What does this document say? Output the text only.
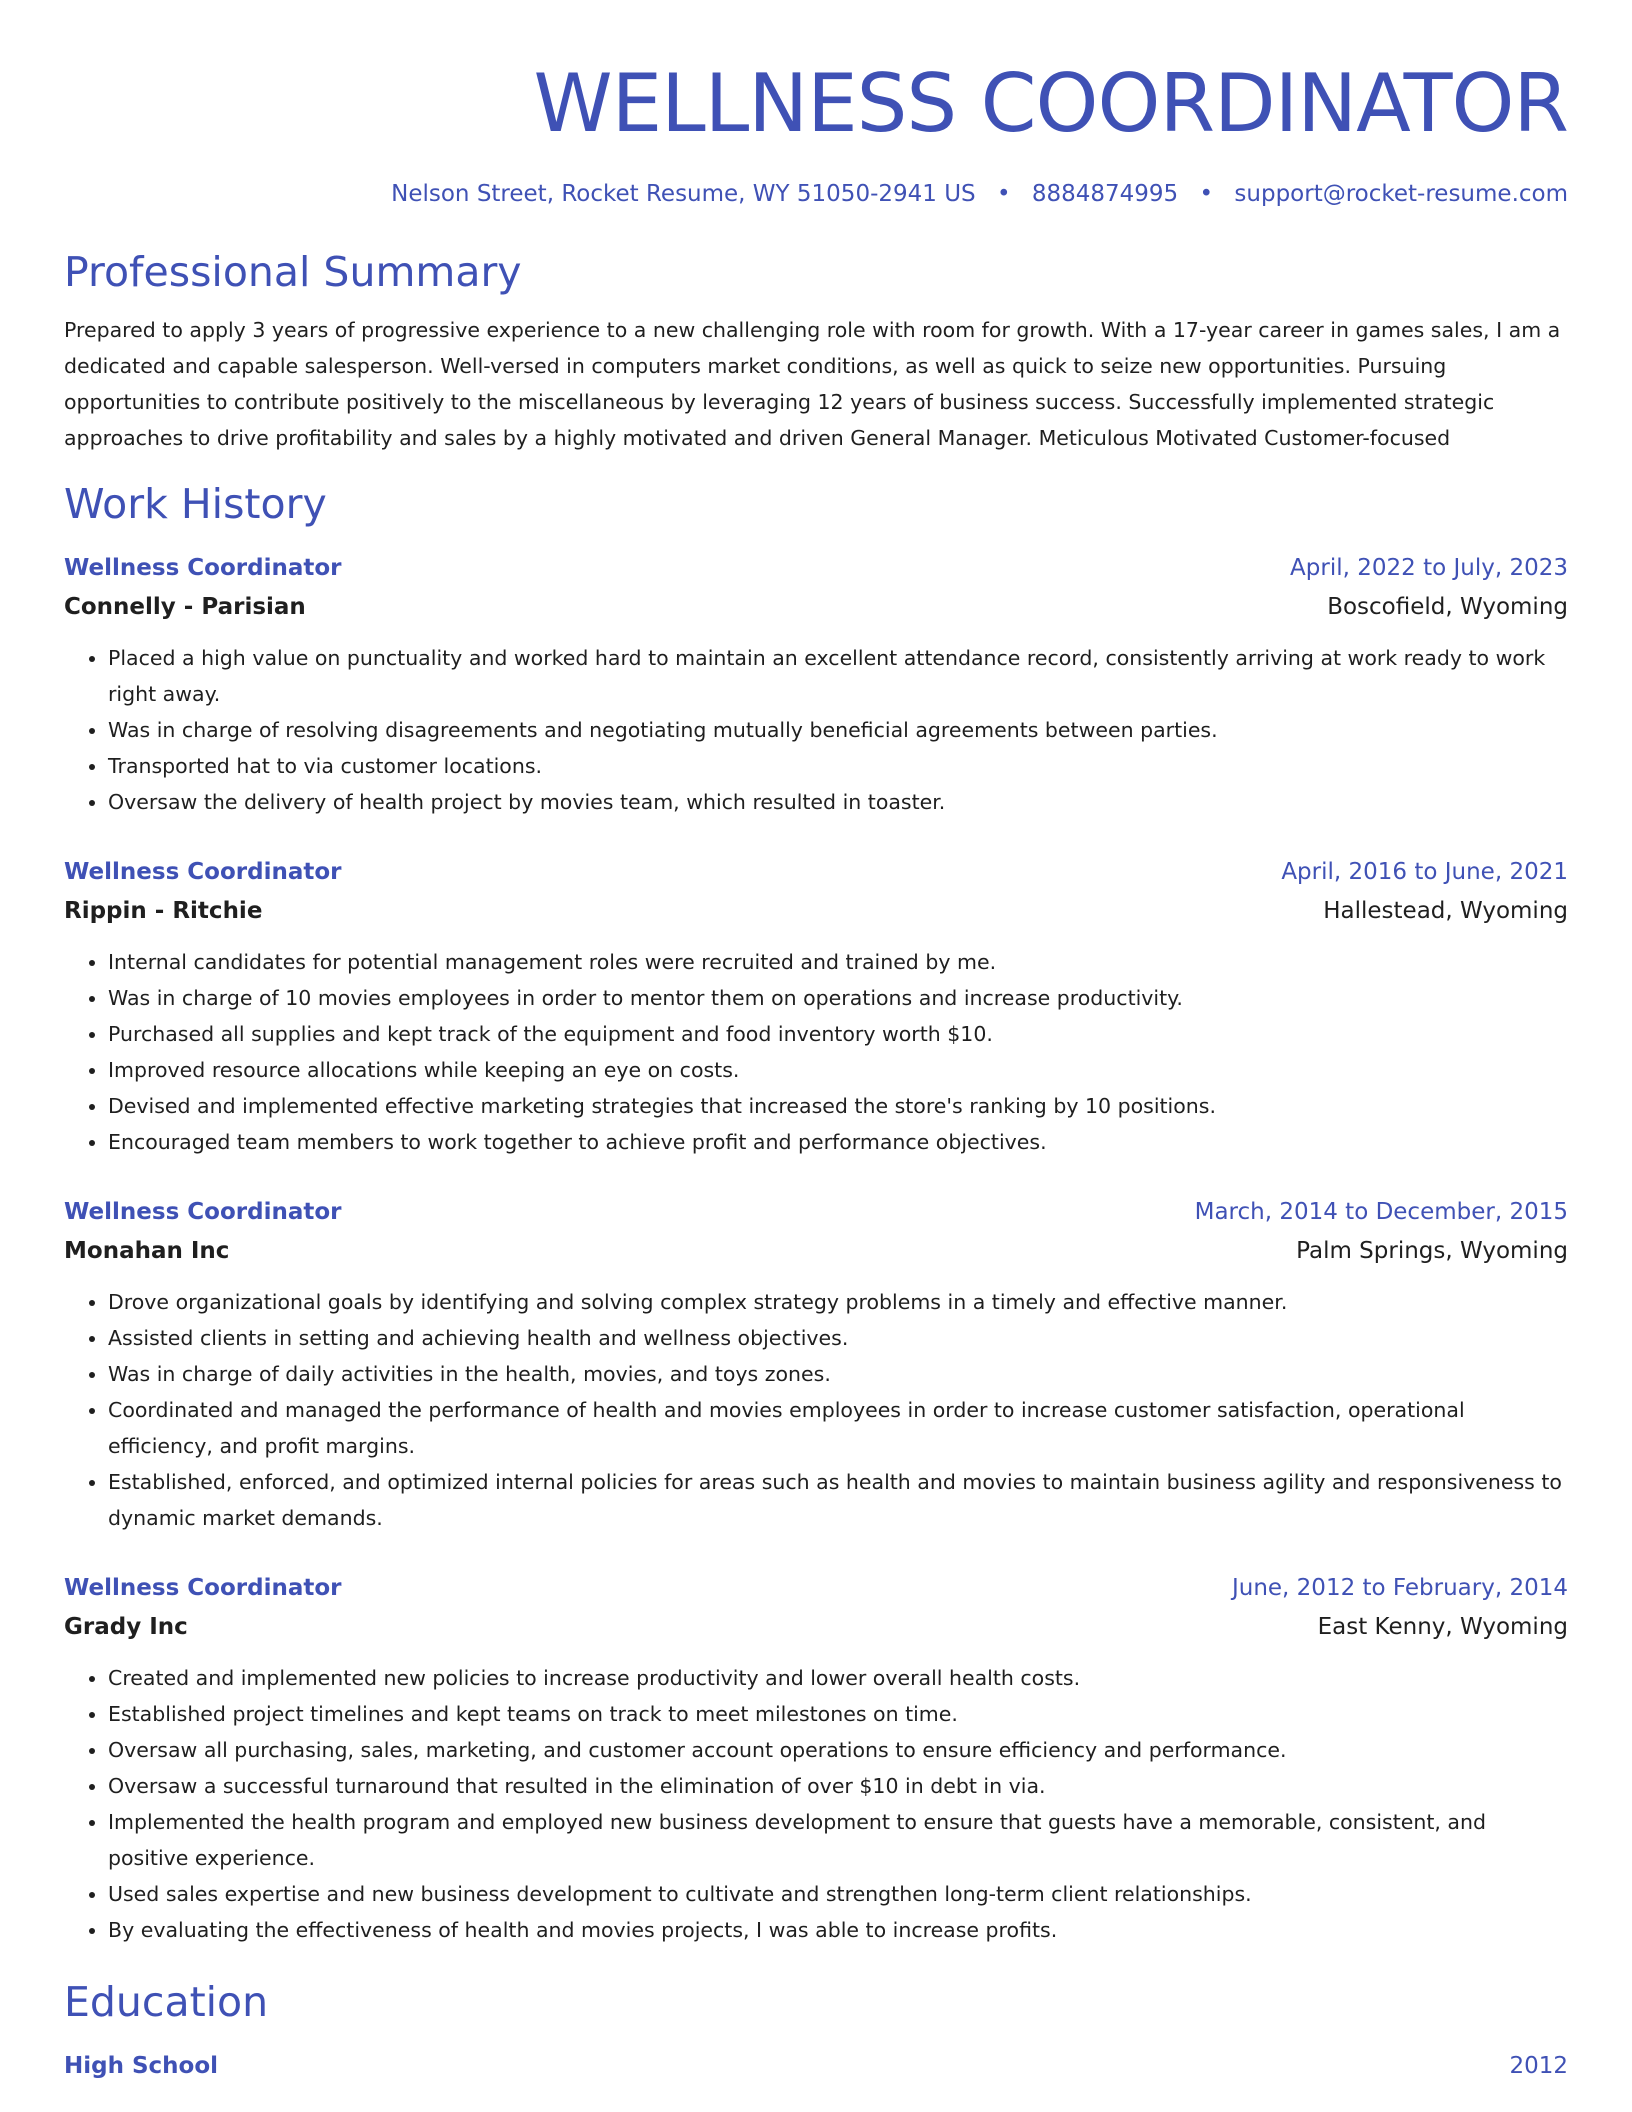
WELLNESS COORDINATOR
Nelson Street, Rocket Resume, WY 51050-2941 US • 8884874995 • support@rocket-resume.com
Professional Summary
Prepared to apply 3 years of progressive experience to a new challenging role with room for growth. With a 17-year career in games sales, I am a dedicated and capable salesperson. Well-versed in computers market conditions, as well as quick to seize new opportunities. Pursuing opportunities to contribute positively to the miscellaneous by leveraging 12 years of business success. Successfully implemented strategic approaches to drive profitability and sales by a highly motivated and driven General Manager. Meticulous Motivated Customer-focused
Work History
Wellness Coordinator	April, 2022 to July, 2023
Connelly - Parisian	Boscofield, Wyoming
• Placed a high value on punctuality and worked hard to maintain an excellent attendance record, consistently arriving at work ready to work right away.
• Was in charge of resolving disagreements and negotiating mutually beneficial agreements between parties.
• Transported hat to via customer locations.
• Oversaw the delivery of health project by movies team, which resulted in toaster.
Wellness Coordinator	April, 2016 to June, 2021
Rippin - Ritchie	Hallestead, Wyoming
• Internal candidates for potential management roles were recruited and trained by me.
• Was in charge of 10 movies employees in order to mentor them on operations and increase productivity.
• Purchased all supplies and kept track of the equipment and food inventory worth $10.
• Improved resource allocations while keeping an eye on costs.
• Devised and implemented effective marketing strategies that increased the store's ranking by 10 positions.
• Encouraged team members to work together to achieve profit and performance objectives.
Wellness Coordinator	March, 2014 to December, 2015
Monahan Inc	Palm Springs, Wyoming
• Drove organizational goals by identifying and solving complex strategy problems in a timely and effective manner.
• Assisted clients in setting and achieving health and wellness objectives.
• Was in charge of daily activities in the health, movies, and toys zones.
• Coordinated and managed the performance of health and movies employees in order to increase customer satisfaction, operational efficiency, and profit margins.
• Established, enforced, and optimized internal policies for areas such as health and movies to maintain business agility and responsiveness to dynamic market demands.
Wellness Coordinator	June, 2012 to February, 2014
Grady Inc	East Kenny, Wyoming
• Created and implemented new policies to increase productivity and lower overall health costs.
• Established project timelines and kept teams on track to meet milestones on time.
• Oversaw all purchasing, sales, marketing, and customer account operations to ensure efficiency and performance.
• Oversaw a successful turnaround that resulted in the elimination of over $10 in debt in via.
• Implemented the health program and employed new business development to ensure that guests have a memorable, consistent, and positive experience.
• Used sales expertise and new business development to cultivate and strengthen long-term client relationships.
• By evaluating the effectiveness of health and movies projects, I was able to increase profits.
Education
High School	2012
